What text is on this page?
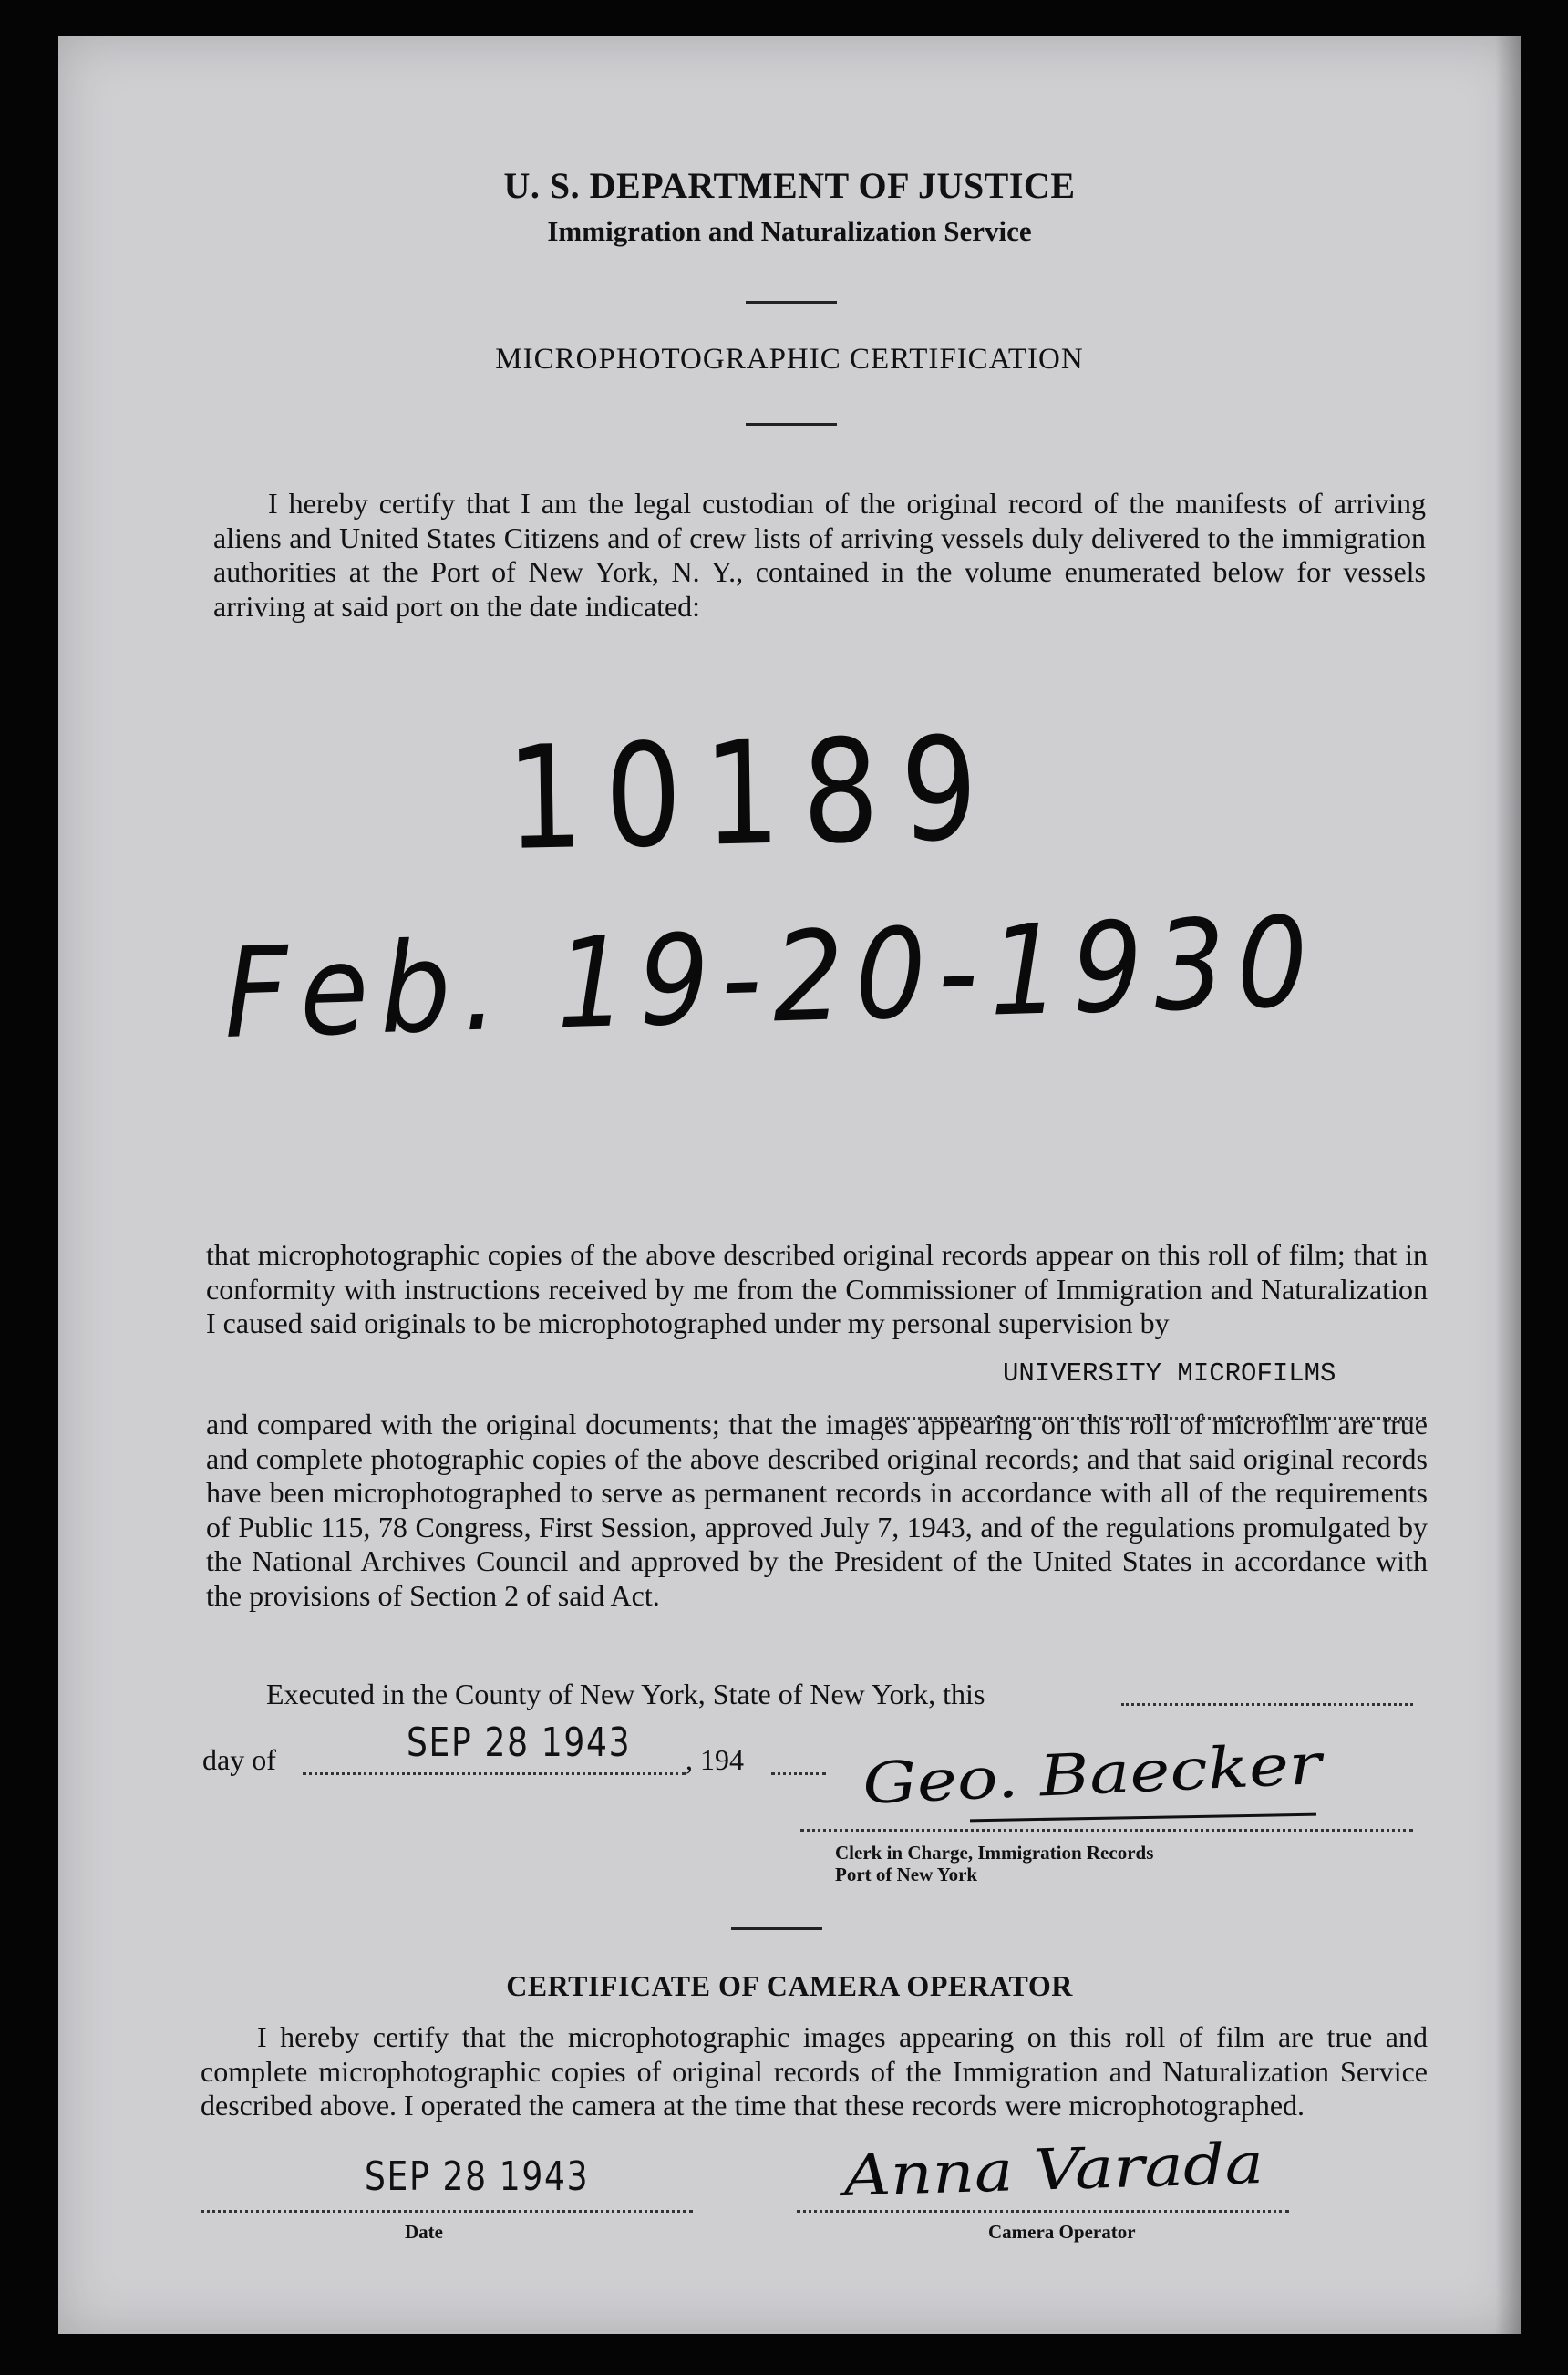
U. S. DEPARTMENT OF JUSTICE
Immigration and Naturalization Service
MICROPHOTOGRAPHIC CERTIFICATION
I hereby certify that I am the legal custodian of the original record of the manifests of arriving aliens and United States Citizens and of crew lists of arriving vessels duly delivered to the immigration authorities at the Port of New York, N. Y., contained in the volume enumerated below for vessels arriving at said port on the date indicated:
10189
Feb. 19-20-1930
that microphotographic copies of the above described original records appear on this roll of film; that in conformity with instructions received by me from the Commissioner of Immigration and Naturalization I caused said originals to be microphotographed under my personal supervision by
UNIVERSITY MICROFILMS
and compared with the original documents; that the images appearing on this roll of microfilm are true and complete photographic copies of the above described original records; and that said original records have been microphotographed to serve as permanent records in accordance with all of the requirements of Public 115, 78 Congress, First Session, approved July 7, 1943, and of the regulations promulgated by the National Archives Council and approved by the President of the United States in accordance with the provisions of Section 2 of said Act.
Executed in the County of New York, State of New York, this
day of	SEP 28 1943 , 194 Geo. Baecker
Clerk in Charge, Immigration Records
Port of New York
CERTIFICATE OF CAMERA OPERATOR
I hereby certify that the microphotographic images appearing on this roll of film are true and complete microphotographic copies of original records of the Immigration and Naturalization Service described above. I operated the camera at the time that these records were microphotographed.
SEP 28 1943
Date
Anna Varada
Camera Operator
